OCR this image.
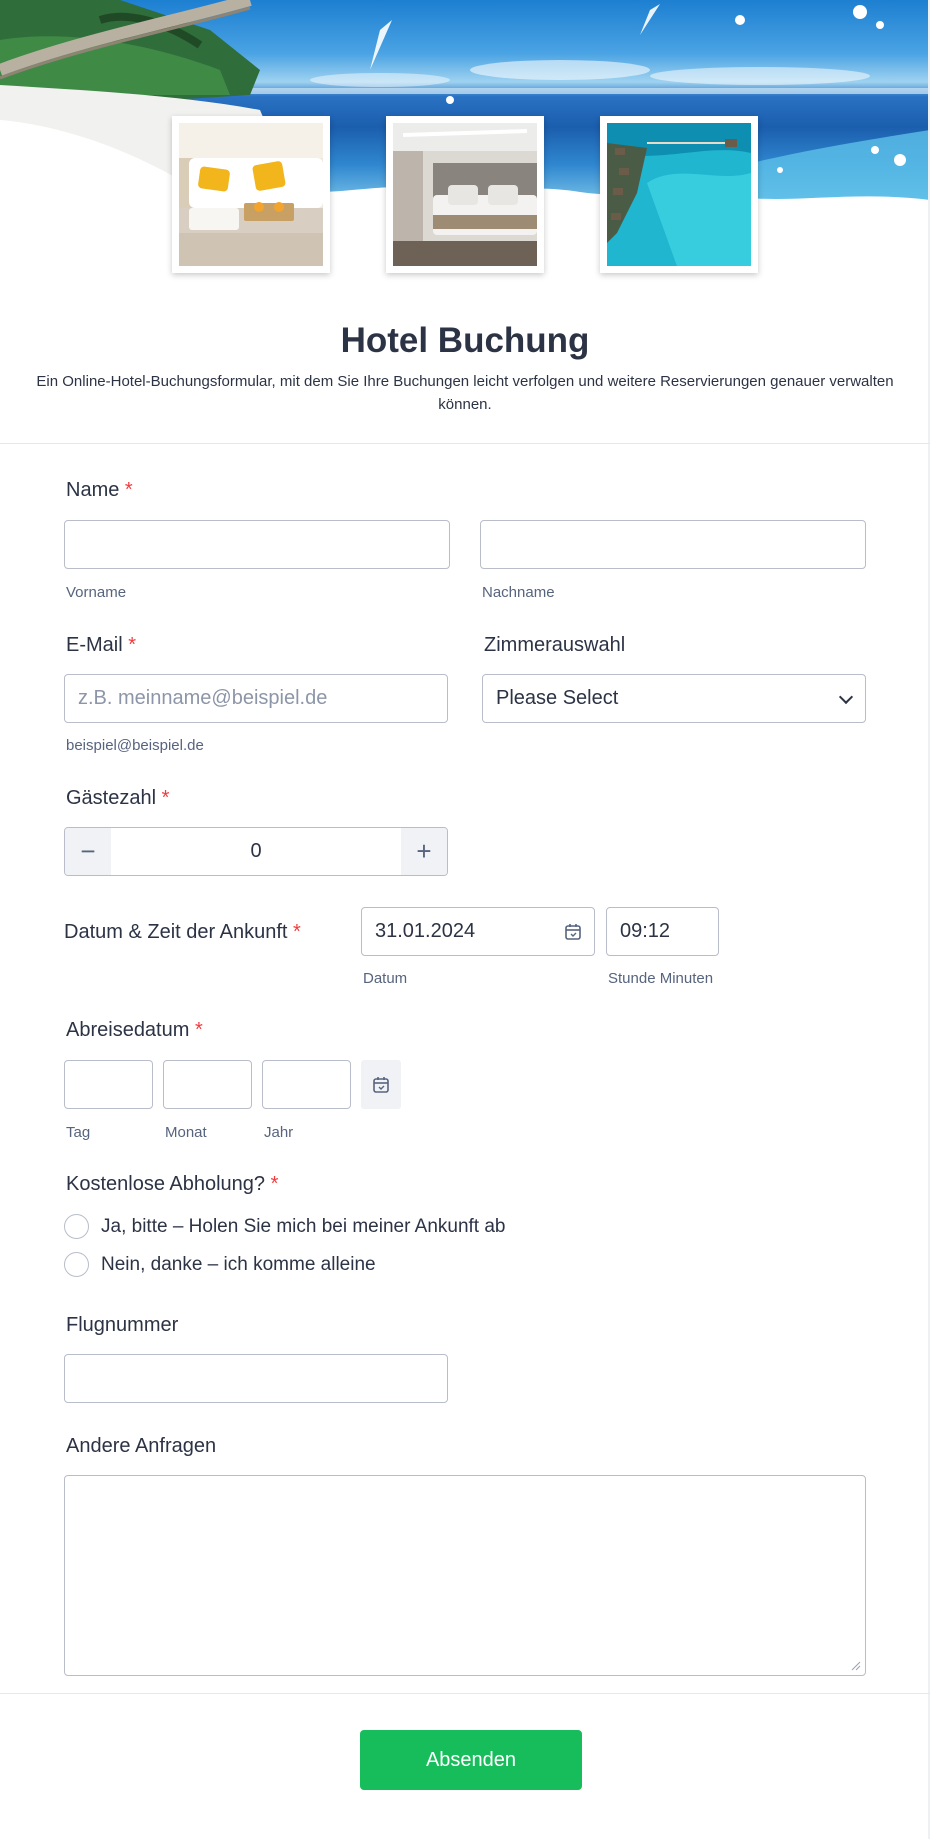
Hotel Buchung

Ein Online-Hotel-Buchungsformular, mit dem Sie Ihre Buchungen leicht verfolgen und weitere Reservierungen genauer verwalten können.

Name *
Vorname	Nachname
E-Mail *
z.B. meinname@beispiel.de
beispiel@beispiel.de
Zimmerauswahl
Please Select
Gästezahl *
−	0	+
Datum & Zeit der Ankunft *	31.01.2024	09:12
Datum	Stunde Minuten
Abreisedatum *
Tag	Monat	Jahr
Kostenlose Abholung? *
Ja, bitte – Holen Sie mich bei meiner Ankunft ab
Nein, danke – ich komme alleine
Flugnummer
Andere Anfragen
Absenden
